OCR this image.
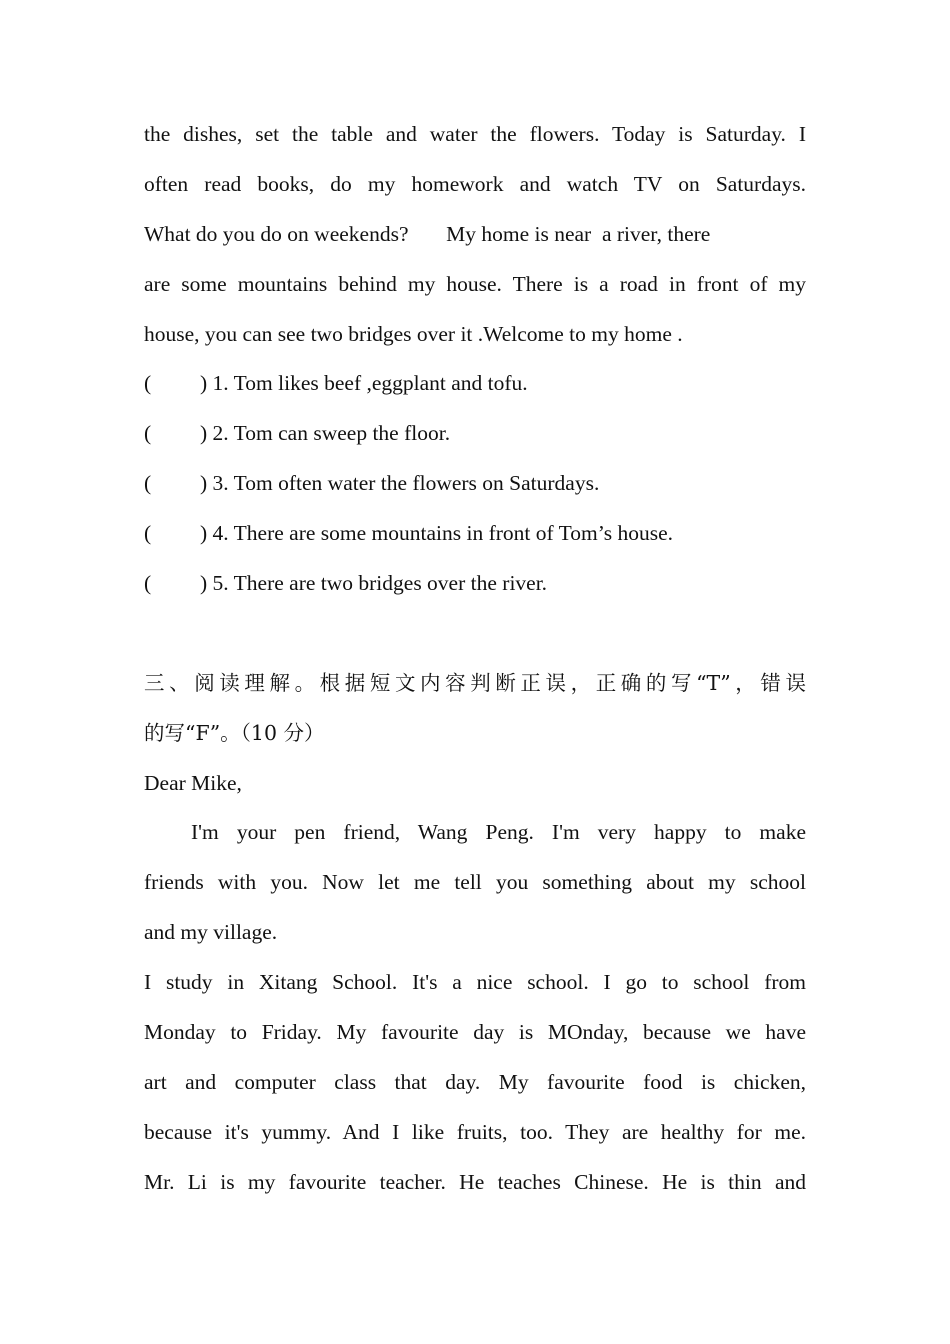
the dishes, set the table and water the flowers. Today is Saturday. I
often read books, do my homework and watch TV on Saturdays.
What do you do on weekends?       My home is near  a river, there
are some mountains behind my house. There is a road in front of my
house, you can see two bridges over it .Welcome to my home .
(	) 1. Tom likes beef ,eggplant and tofu.
(	) 2. Tom can sweep the floor.
(	) 3. Tom often water the flowers on Saturdays.
(	) 4. There are some mountains in front of Tom’s house.
(	) 5. There are two bridges over the river.
三、阅读理解。根据短文内容判断正误，正确的写“T”，错误
的写“F”。（10 分）
Dear Mike,
I'm your pen friend, Wang Peng. I'm very happy to make
friends with you. Now let me tell you something about my school
and my village.
I study in Xitang School. It's a nice school. I go to school from
Monday to Friday. My favourite day is MOnday, because we have
art and computer class that day. My favourite food is chicken,
because it's yummy. And I like fruits, too. They are healthy for me.
Mr. Li is my favourite teacher. He teaches Chinese. He is thin and
